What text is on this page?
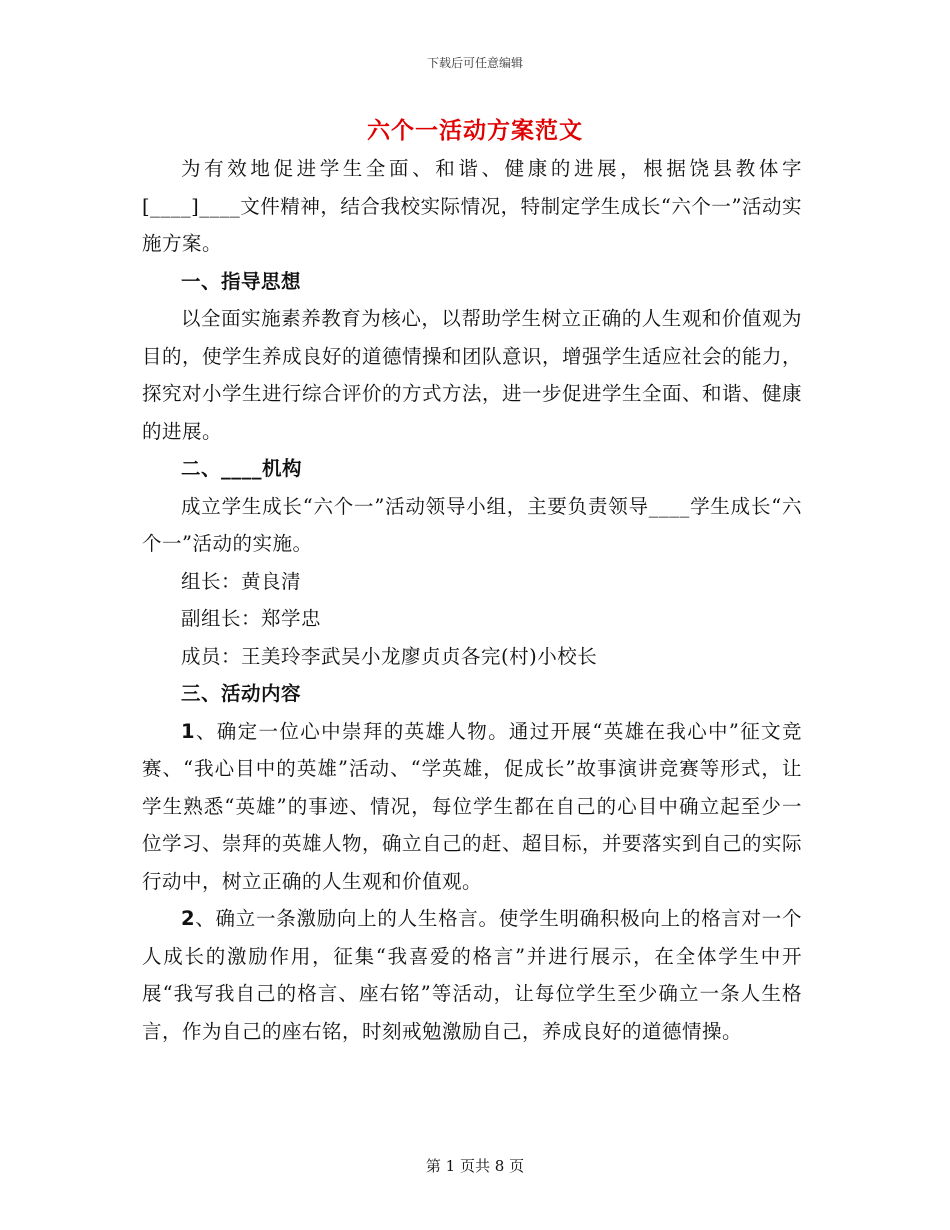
下载后可任意编辑
六个一活动方案范文

为有效地促进学生全面、和谐、健康的进展，根据饶县教体字[____]____文件精神，结合我校实际情况，特制定学生成长“六个一”活动实施方案。

一、指导思想

以全面实施素养教育为核心，以帮助学生树立正确的人生观和价值观为目的，使学生养成良好的道德情操和团队意识，增强学生适应社会的能力，探究对小学生进行综合评价的方式方法，进一步促进学生全面、和谐、健康的进展。

二、____机构

成立学生成长“六个一”活动领导小组，主要负责领导____学生成长“六个一”活动的实施。

组长：黄良清

副组长：郑学忠

成员：王美玲李武吴小龙廖贞贞各完(村)小校长

三、活动内容

1、确定一位心中崇拜的英雄人物。通过开展“英雄在我心中”征文竞赛、“我心目中的英雄”活动、“学英雄，促成长”故事演讲竞赛等形式，让学生熟悉“英雄”的事迹、情况，每位学生都在自己的心目中确立起至少一位学习、崇拜的英雄人物，确立自己的赶、超目标，并要落实到自己的实际行动中，树立正确的人生观和价值观。

2、确立一条激励向上的人生格言。使学生明确积极向上的格言对一个人成长的激励作用，征集“我喜爱的格言”并进行展示，在全体学生中开展“我写我自己的格言、座右铭”等活动，让每位学生至少确立一条人生格言，作为自己的座右铭，时刻戒勉激励自己，养成良好的道德情操。

第 1 页共 8 页
